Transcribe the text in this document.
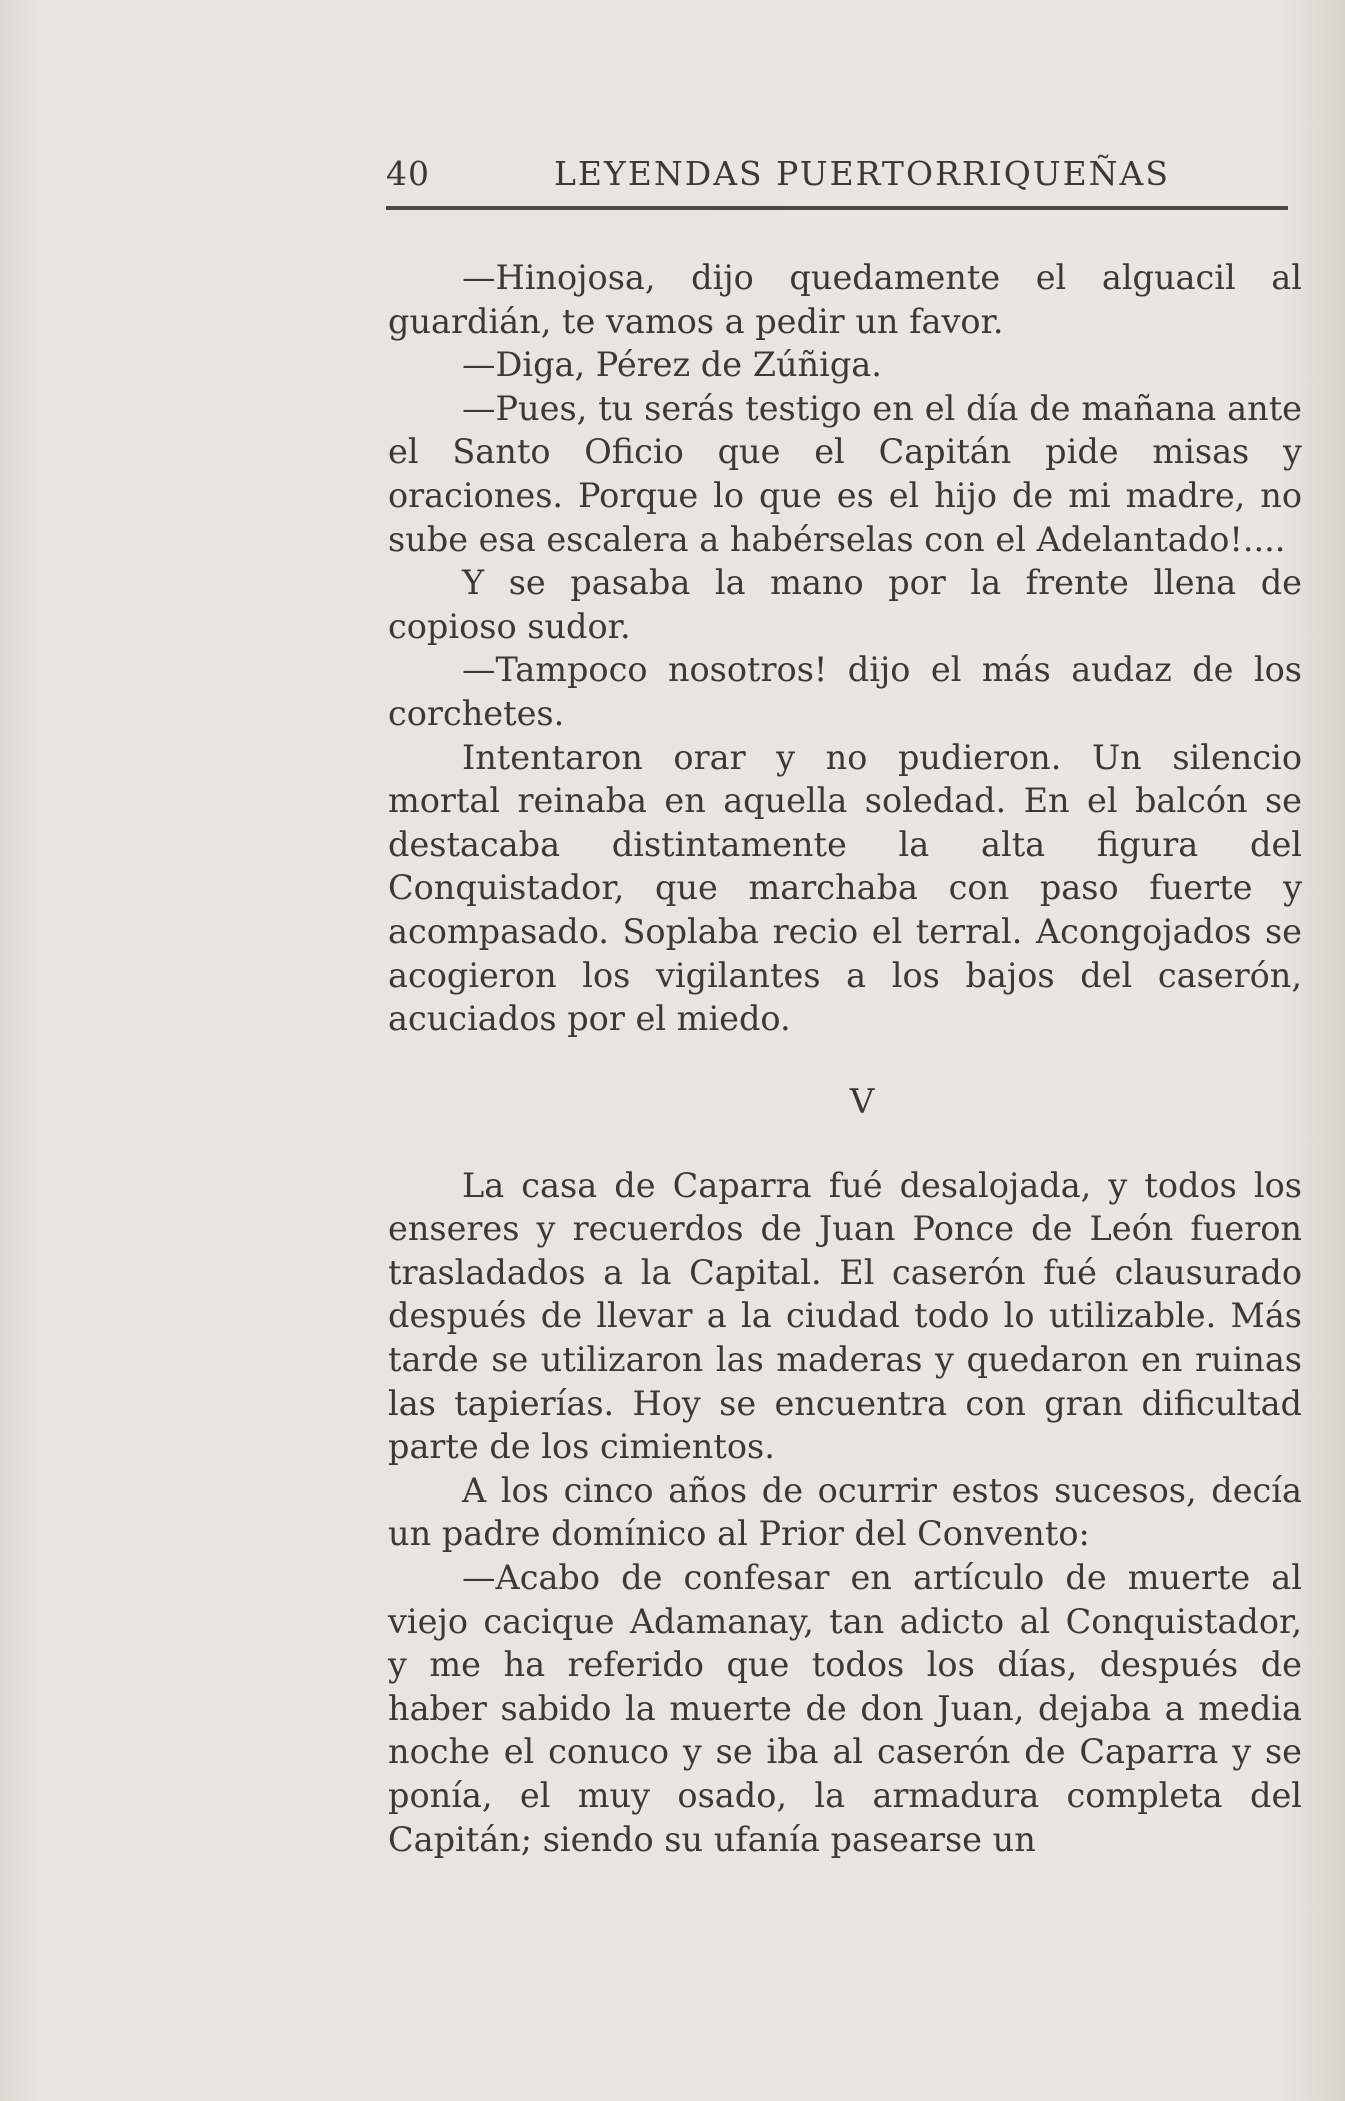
40	LEYENDAS PUERTORRIQUEÑAS

—Hinojosa, dijo quedamente el alguacil al guardián, te vamos a pedir un favor.

—Diga, Pérez de Zúñiga.

—Pues, tu serás testigo en el día de mañana ante el Santo Oficio que el Capitán pide misas y oraciones. Porque lo que es el hijo de mi madre, no sube esa escalera a habérselas con el Adelantado!....

Y se pasaba la mano por la frente llena de copioso sudor.

—Tampoco nosotros! dijo el más audaz de los corchetes.

Intentaron orar y no pudieron. Un silencio mortal reinaba en aquella soledad. En el balcón se destacaba distintamente la alta figura del Conquistador, que marchaba con paso fuerte y acompasado. Soplaba recio el terral. Acongojados se acogieron los vigilantes a los bajos del caserón, acuciados por el miedo.

V

La casa de Caparra fué desalojada, y todos los enseres y recuerdos de Juan Ponce de León fueron trasladados a la Capital. El caserón fué clausurado después de llevar a la ciudad todo lo utilizable. Más tarde se utilizaron las maderas y quedaron en ruinas las tapierías. Hoy se encuentra con gran dificultad parte de los cimientos.

A los cinco años de ocurrir estos sucesos, decía un padre domínico al Prior del Convento:

—Acabo de confesar en artículo de muerte al viejo cacique Adamanay, tan adicto al Conquistador, y me ha referido que todos los días, después de haber sabido la muerte de don Juan, dejaba a media noche el conuco y se iba al caserón de Caparra y se ponía, el muy osado, la armadura completa del Capitán; siendo su ufanía pasearse un
